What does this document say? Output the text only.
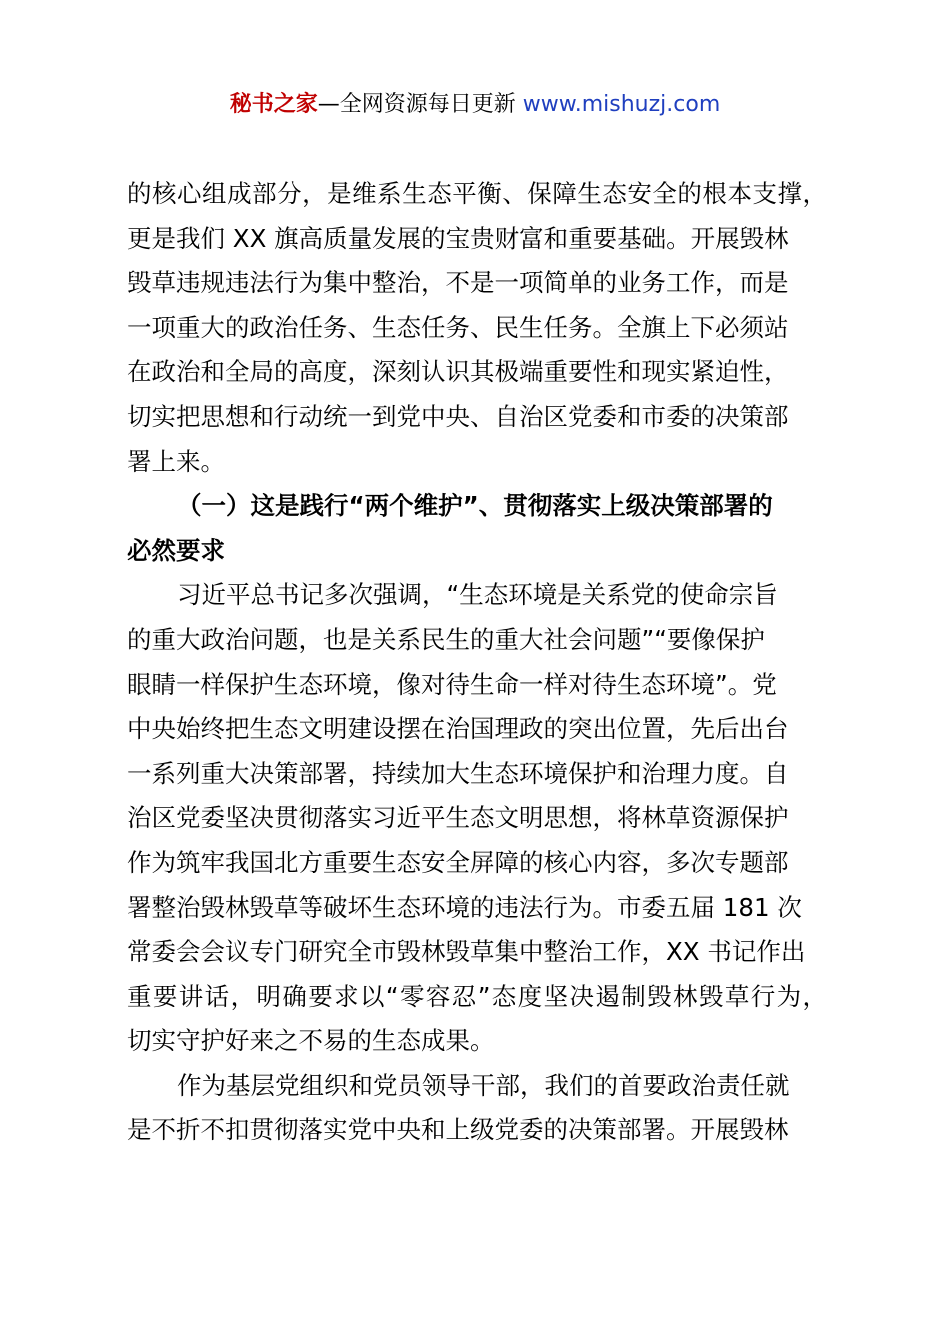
秘书之家—全网资源每日更新 www.mishuzj.com
的核心组成部分，是维系生态平衡、保障生态安全的根本支撑，
更是我们 XX 旗高质量发展的宝贵财富和重要基础。开展毁林
毁草违规违法行为集中整治，不是一项简单的业务工作，而是
一项重大的政治任务、生态任务、民生任务。全旗上下必须站
在政治和全局的高度，深刻认识其极端重要性和现实紧迫性，
切实把思想和行动统一到党中央、自治区党委和市委的决策部
署上来。
（一）这是践行“两个维护”、贯彻落实上级决策部署的
必然要求
习近平总书记多次强调，“生态环境是关系党的使命宗旨
的重大政治问题，也是关系民生的重大社会问题”“要像保护
眼睛一样保护生态环境，像对待生命一样对待生态环境”。党
中央始终把生态文明建设摆在治国理政的突出位置，先后出台
一系列重大决策部署，持续加大生态环境保护和治理力度。自
治区党委坚决贯彻落实习近平生态文明思想，将林草资源保护
作为筑牢我国北方重要生态安全屏障的核心内容，多次专题部
署整治毁林毁草等破坏生态环境的违法行为。市委五届 181 次
常委会会议专门研究全市毁林毁草集中整治工作，XX 书记作出
重要讲话，明确要求以“零容忍”态度坚决遏制毁林毁草行为，
切实守护好来之不易的生态成果。
作为基层党组织和党员领导干部，我们的首要政治责任就
是不折不扣贯彻落实党中央和上级党委的决策部署。开展毁林
